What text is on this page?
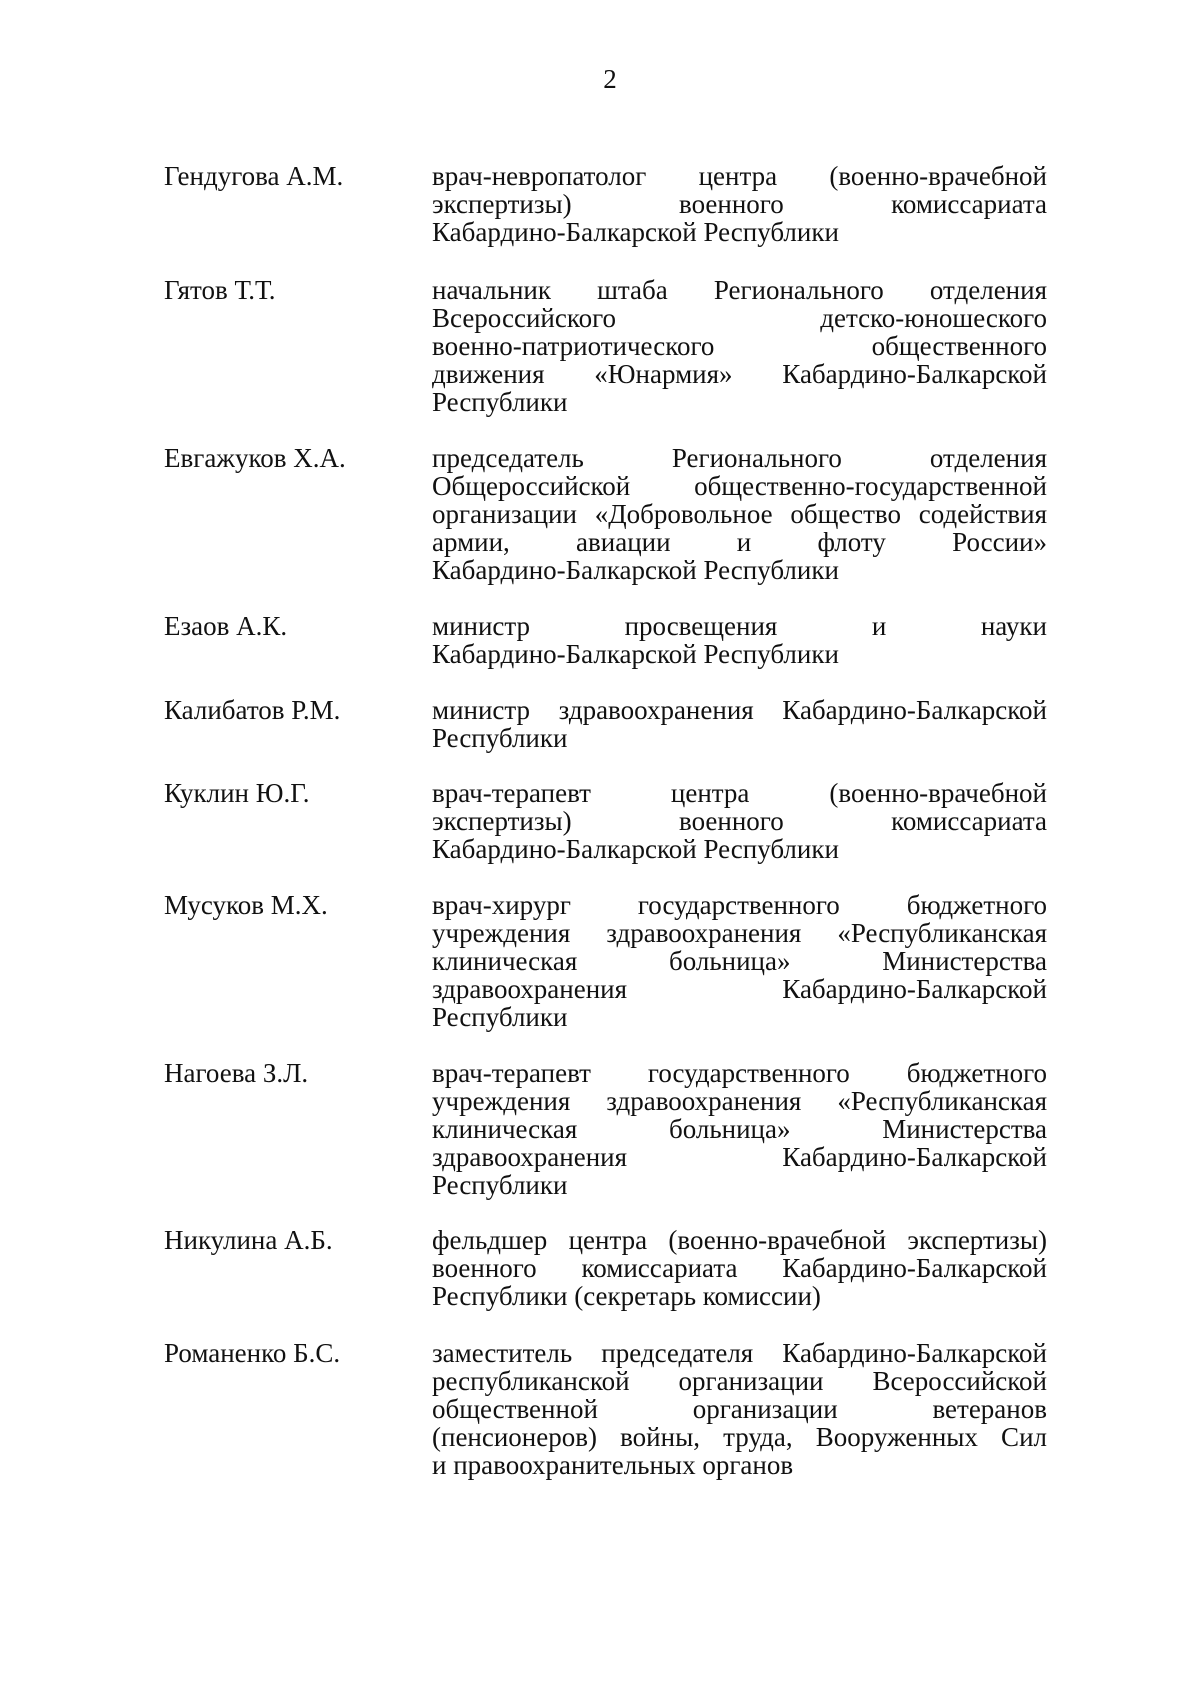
2
Гендугова А.М.	врач-невропатолог центра (военно-врачебной
экспертизы) военного комиссариата
Кабардино-Балкарской Республики
Гятов Т.Т.	начальник штаба Регионального отделения
Всероссийского детско-юношеского
военно-патриотического общественного
движения «Юнармия» Кабардино-Балкарской
Республики
Евгажуков Х.А.	председатель Регионального отделения
Общероссийской общественно-государственной
организации «Добровольное общество содействия
армии, авиации и флоту России»
Кабардино-Балкарской Республики
Езаов А.К.	министр просвещения и науки
Кабардино-Балкарской Республики
Калибатов Р.М.	министр здравоохранения Кабардино-Балкарской
Республики
Куклин Ю.Г.	врач-терапевт центра (военно-врачебной
экспертизы) военного комиссариата
Кабардино-Балкарской Республики
Мусуков М.Х.	врач-хирург государственного бюджетного
учреждения здравоохранения «Республиканская
клиническая больница» Министерства
здравоохранения Кабардино-Балкарской
Республики
Нагоева З.Л.	врач-терапевт государственного бюджетного
учреждения здравоохранения «Республиканская
клиническая больница» Министерства
здравоохранения Кабардино-Балкарской
Республики
Никулина А.Б.	фельдшер центра (военно-врачебной экспертизы)
военного комиссариата Кабардино-Балкарской
Республики (секретарь комиссии)
Романенко Б.С.	заместитель председателя Кабардино-Балкарской
республиканской организации Всероссийской
общественной организации ветеранов
(пенсионеров) войны, труда, Вооруженных Сил
и правоохранительных органов
